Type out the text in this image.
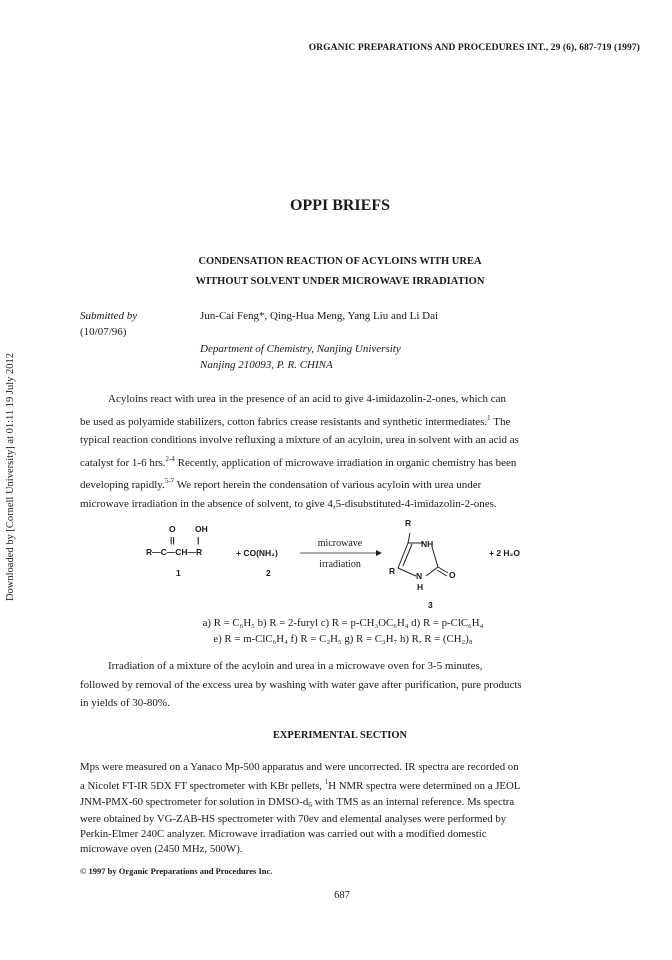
Downloaded by [Cornell University] at 01:11 19 July 2012
ORGANIC PREPARATIONS AND PROCEDURES INT., 29 (6), 687-719 (1997)
OPPI BRIEFS
CONDENSATION REACTION OF ACYLOINS WITH UREA
WITHOUT SOLVENT UNDER MICROWAVE IRRADIATION
Submitted by
(10/07/96)
Jun-Cai Feng*, Qing-Hua Meng, Yang Liu and Li Dai
Department of Chemistry, Nanjing University
Nanjing 210093, P. R. CHINA
Acyloins react with urea in the presence of an acid to give 4-imidazolin-2-ones, which can
be used as polyamide stabilizers, cotton fabrics crease resistants and synthetic intermediates.$^1$ The
typical reaction conditions involve refluxing a mixture of an acyloin, urea in solvent with an acid as
catalyst for 1-6 hrs.$^{2-4}$ Recently, application of microwave irradiation in organic chemistry has been
developing rapidly.$^{5-7}$ We report herein the condensation of various acyloin with urea under
microwave irradiation in the absence of solvent, to give 4,5-disubstituted-4-imidazolin-2-ones.
O OH
||	|
R—C—CH—R	+ CO(NH₂)
1	2
microwave
irradiation
R
NH
R N
H
O
+ 2 H₂O
3
a) R = C₆H₅ b) R = 2-furyl c) R = p-CH₃OC₆H₄ d) R = p-ClC₆H₄
e) R = m-ClC₆H₄ f) R = C₂H₅ g) R = C₃H₇ h) R, R = (CH₂)₈
Irradiation of a mixture of the acyloin and urea in a microwave oven for 3-5 minutes,
followed by removal of the excess urea by washing with water gave after purification, pure products
in yields of 30-80%.
EXPERIMENTAL SECTION
Mps were measured on a Yanaco Mp-500 apparatus and were uncorrected. IR spectra are recorded on
a Nicolet FT-IR 5DX FT spectrometer with KBr pellets, $^1$H NMR spectra were determined on a JEOL
JNM-PMX-60 spectrometer for solution in DMSO-$d_6$ with TMS as an internal reference. Ms spectra
were obtained by VG-ZAB-HS spectrometer with 70ev and elemental analyses were performed by
Perkin-Elmer 240C analyzer. Microwave irradiation was carried out with a modified domestic
microwave oven (2450 MHz, 500W).
© 1997 by Organic Preparations and Procedures Inc.
687
